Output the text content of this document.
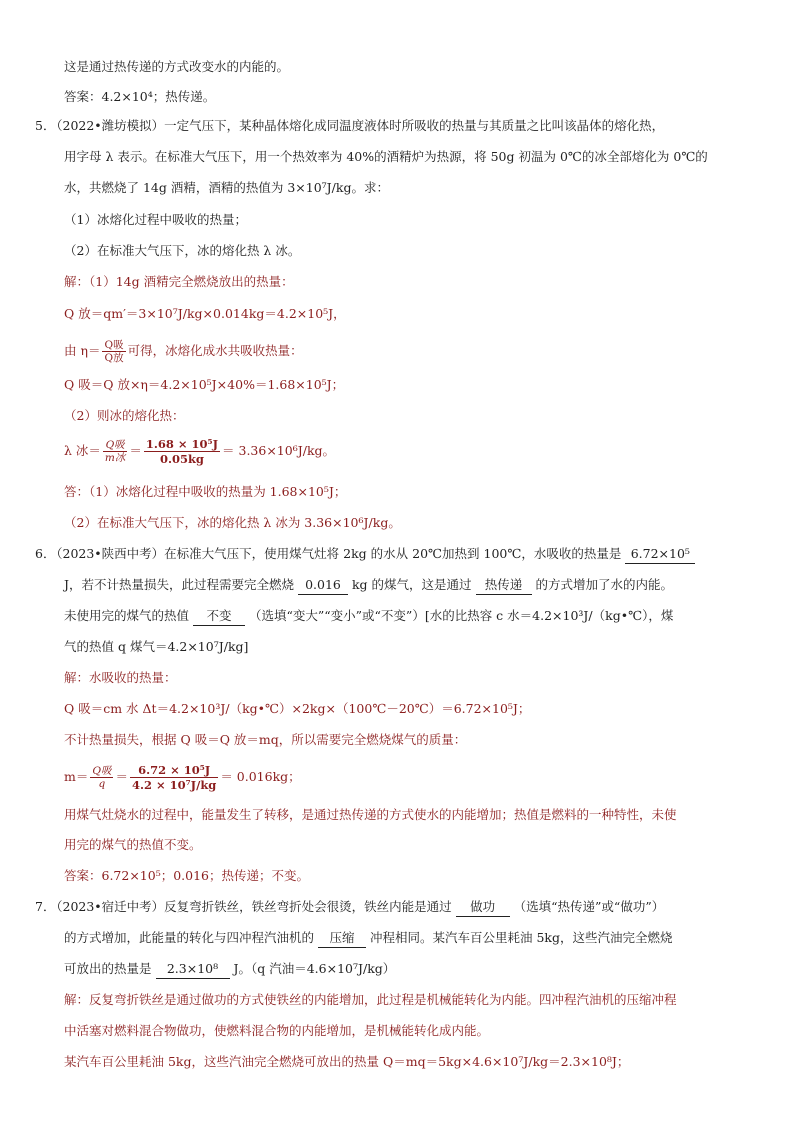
这是通过热传递的方式改变水的内能的。
答案：4.2×10⁴；热传递。
5．
（2022•潍坊模拟）一定气压下，某种晶体熔化成同温度液体时所吸收的热量与其质量之比叫该晶体的熔化热，
用字母 λ 表示。在标准大气压下，用一个热效率为 40%的酒精炉为热源，将 50g 初温为 0℃的冰全部熔化为 0℃的
水，共燃烧了 14g 酒精，酒精的热值为 3×10⁷J/kg。求：
（1）冰熔化过程中吸收的热量；
（2）在标准大气压下，冰的熔化热 λ 冰。
解：（1）14g 酒精完全燃烧放出的热量：
Q 放＝qm′＝3×10⁷J/kg×0.014kg＝4.2×10⁵J，
由 $\eta= \frac{\text{Q吸}}{\text{Q放}}$ 可得，冰熔化成水共吸收热量：
Q 吸＝Q 放×η＝4.2×10⁵J×40%＝1.68×10⁵J；
（2）则冰的熔化热：
λ 冰＝ $\frac{\text{Q吸}}{\text{m冰}} = \frac{\text{1.68 × 10⁵J}}{0.05kg} = 3.36\times 10^6J/kg$。
答：（1）冰熔化过程中吸收的热量为 1.68×10⁵J；
（2）在标准大气压下，冰的熔化热 λ 冰为 3.36×10⁶J/kg。
6．
（2023•陕西中考）在标准大气压下，使用煤气灶将 2kg 的水从 20℃加热到 100℃，水吸收的热量是 6.72×10⁵
J，若不计热量损失，此过程需要完全燃烧 0.016 kg 的煤气，这是通过 热传递 的方式增加了水的内能。
未使用完的煤气的热值 不变 （选填“变大”“变小”或“不变”）[水的比热容 c 水＝4.2×10³J/（kg•℃），煤
气的热值 q 煤气＝4.2×10⁷J/kg]
解：水吸收的热量：
Q 吸＝cm 水 Δt＝4.2×10³J/（kg•℃）×2kg×（100℃－20℃）＝6.72×10⁵J；
不计热量损失，根据 Q 吸＝Q 放＝mq，所以需要完全燃烧煤气的质量：
$m= \frac{\text{Q吸}}{q} = \frac{\text{6.72 × 10⁵J}}{\text{4.2 × 10⁷J/kg}} = 0.016kg$；
用煤气灶烧水的过程中，能量发生了转移，是通过热传递的方式使水的内能增加；热值是燃料的一种特性，未使
用完的煤气的热值不变。
答案：6.72×10⁵；0.016；热传递；不变。
7．
（2023•宿迁中考）反复弯折铁丝，铁丝弯折处会很烫，铁丝内能是通过 做功 （选填“热传递”或“做功”）
的方式增加，此能量的转化与四冲程汽油机的 压缩 冲程相同。某汽车百公里耗油 5kg，这些汽油完全燃烧
可放出的热量是 2.3×10⁸ J。（q 汽油＝4.6×10⁷J/kg）
解：反复弯折铁丝是通过做功的方式使铁丝的内能增加，此过程是机械能转化为内能。四冲程汽油机的压缩冲程
中活塞对燃料混合物做功，使燃料混合物的内能增加，是机械能转化成内能。
某汽车百公里耗油 5kg，这些汽油完全燃烧可放出的热量 Q＝mq＝5kg×4.6×10⁷J/kg＝2.3×10⁸J；
